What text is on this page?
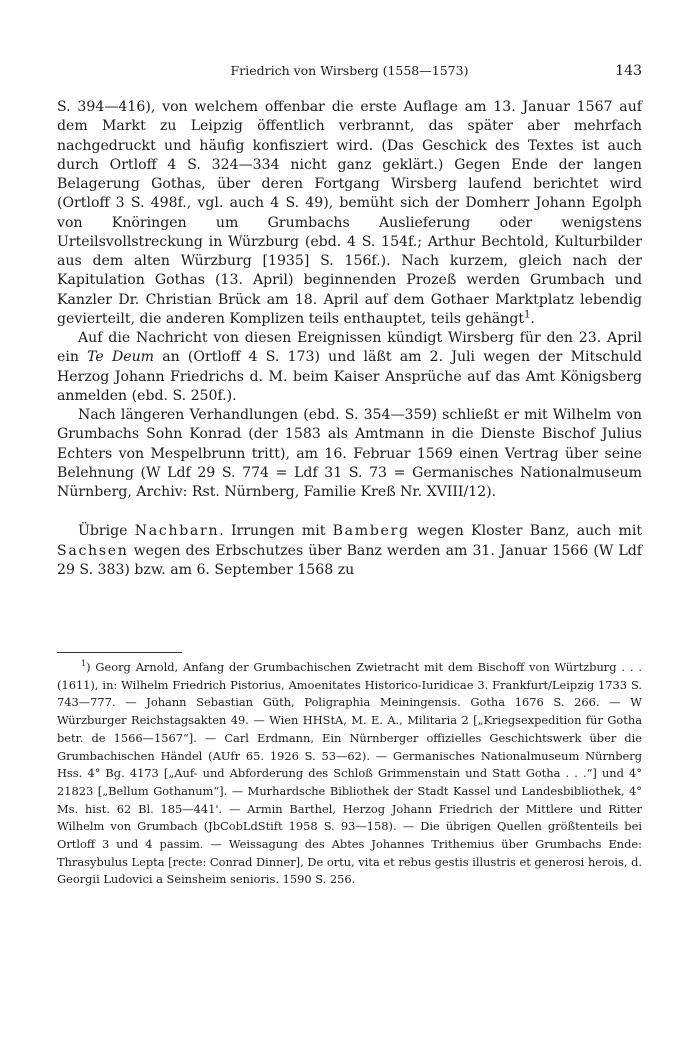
Friedrich von Wirsberg (1558—1573)	143

S. 394—416), von welchem offenbar die erste Auflage am 13. Januar 1567 auf dem Markt zu Leipzig öffentlich verbrannt, das später aber mehrfach nachgedruckt und häufig konfisziert wird. (Das Geschick des Textes ist auch durch Ortloff 4 S. 324—334 nicht ganz geklärt.) Gegen Ende der langen Belagerung Gothas, über deren Fortgang Wirsberg laufend berichtet wird (Ortloff 3 S. 498f., vgl. auch 4 S. 49), bemüht sich der Domherr Johann Egolph von Knöringen um Grumbachs Auslieferung oder wenigstens Urteilsvollstreckung in Würzburg (ebd. 4 S. 154f.; Arthur Bechtold, Kulturbilder aus dem alten Würzburg [1935] S. 156f.). Nach kurzem, gleich nach der Kapitulation Gothas (13. April) beginnenden Prozeß werden Grumbach und Kanzler Dr. Christian Brück am 18. April auf dem Gothaer Marktplatz lebendig gevierteilt, die anderen Komplizen teils enthauptet, teils gehängt$^1$.

Auf die Nachricht von diesen Ereignissen kündigt Wirsberg für den 23. April ein Te Deum an (Ortloff 4 S. 173) und läßt am 2. Juli wegen der Mitschuld Herzog Johann Friedrichs d. M. beim Kaiser Ansprüche auf das Amt Königsberg anmelden (ebd. S. 250f.).

Nach längeren Verhandlungen (ebd. S. 354—359) schließt er mit Wilhelm von Grumbachs Sohn Konrad (der 1583 als Amtmann in die Dienste Bischof Julius Echters von Mespelbrunn tritt), am 16. Februar 1569 einen Vertrag über seine Belehnung (W Ldf 29 S. 774 = Ldf 31 S. 73 = Germanisches Nationalmuseum Nürnberg, Archiv: Rst. Nürnberg, Familie Kreß Nr. XVIII/12).

Übrige Nachbarn. Irrungen mit Bamberg wegen Kloster Banz, auch mit Sachsen wegen des Erbschutzes über Banz werden am 31. Januar 1566 (W Ldf 29 S. 383) bzw. am 6. September 1568 zu

$^1$) Georg Arnold, Anfang der Grumbachischen Zwietracht mit dem Bischoff von Würtzburg . . . (1611), in: Wilhelm Friedrich Pistorius, Amoenitates Historico-Iuridicae 3. Frankfurt/Leipzig 1733 S. 743—777. — Johann Sebastian Güth, Poligraphia Meiningensis. Gotha 1676 S. 266. — W Würzburger Reichstagsakten 49. — Wien HHStA, M. E. A., Militaria 2 [„Kriegsexpedition für Gotha betr. de 1566—1567“]. — Carl Erdmann, Ein Nürnberger offizielles Geschichtswerk über die Grumbachischen Händel (AUfr 65. 1926 S. 53—62). — Germanisches Nationalmuseum Nürnberg Hss. 4° Bg. 4173 [„Auf- und Abforderung des Schloß Grimmenstain und Statt Gotha . . .“] und 4° 21823 [„Bellum Gothanum“]. — Murhardsche Bibliothek der Stadt Kassel und Landesbibliothek, 4° Ms. hist. 62 Bl. 185—441'. — Armin Barthel, Herzog Johann Friedrich der Mittlere und Ritter Wilhelm von Grumbach (JbCobLdStift 1958 S. 93—158). — Die übrigen Quellen größtenteils bei Ortloff 3 und 4 passim. — Weissagung des Abtes Johannes Trithemius über Grumbachs Ende: Thrasybulus Lepta [recte: Conrad Dinner], De ortu, vita et rebus gestis illustris et generosi herois, d. Georgii Ludovici a Seinsheim senioris. 1590 S. 256.
